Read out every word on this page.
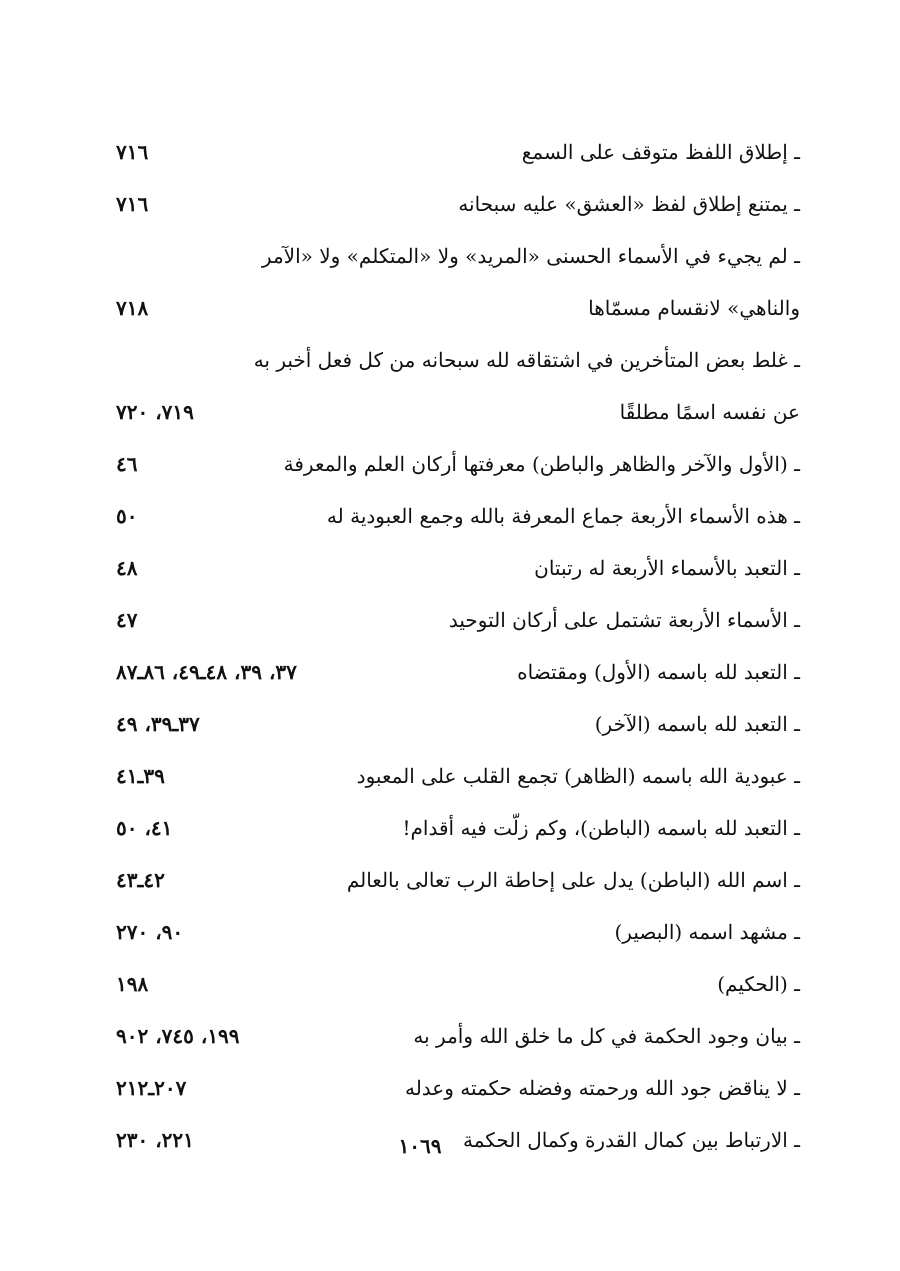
ـ إطلاق اللفظ متوقف على السمع
٧١٦
ـ يمتنع إطلاق لفظ «العشق» عليه سبحانه
٧١٦
ـ لم يجيء في الأسماء الحسنى «المريد» ولا «المتكلم» ولا «الآمر
والناهي» لانقسام مسمّاها
٧١٨
ـ غلط بعض المتأخرين في اشتقاقه لله سبحانه من كل فعل أخبر به
عن نفسه اسمًا مطلقًا
٧١٩، ٧٢٠
ـ (الأول والآخر والظاهر والباطن) معرفتها أركان العلم والمعرفة
٤٦
ـ هذه الأسماء الأربعة جماع المعرفة بالله وجمع العبودية له
٥٠
ـ التعبد بالأسماء الأربعة له رتبتان
٤٨
ـ الأسماء الأربعة تشتمل على أركان التوحيد
٤٧
ـ التعبد لله باسمه (الأول) ومقتضاه
٣٧، ٣٩، ٤٨ـ٤٩، ٨٦ـ٨٧
ـ التعبد لله باسمه (الآخر)
٣٧ـ٣٩، ٤٩
ـ عبودية الله باسمه (الظاهر) تجمع القلب على المعبود
٣٩ـ٤١
ـ التعبد لله باسمه (الباطن)، وكم زلّت فيه أقدام!
٤١، ٥٠
ـ اسم الله (الباطن) يدل على إحاطة الرب تعالى بالعالم
٤٢ـ٤٣
ـ مشهد اسمه (البصير)
٩٠، ٢٧٠
ـ (الحكيم)
١٩٨
ـ بيان وجود الحكمة في كل ما خلق الله وأمر به
١٩٩، ٧٤٥، ٩٠٢
ـ لا يناقض جود الله ورحمته وفضله حكمته وعدله
٢٠٧ـ٢١٢
ـ الارتباط بين كمال القدرة وكمال الحكمة
٢٢١، ٢٣٠	١٠٦٩
